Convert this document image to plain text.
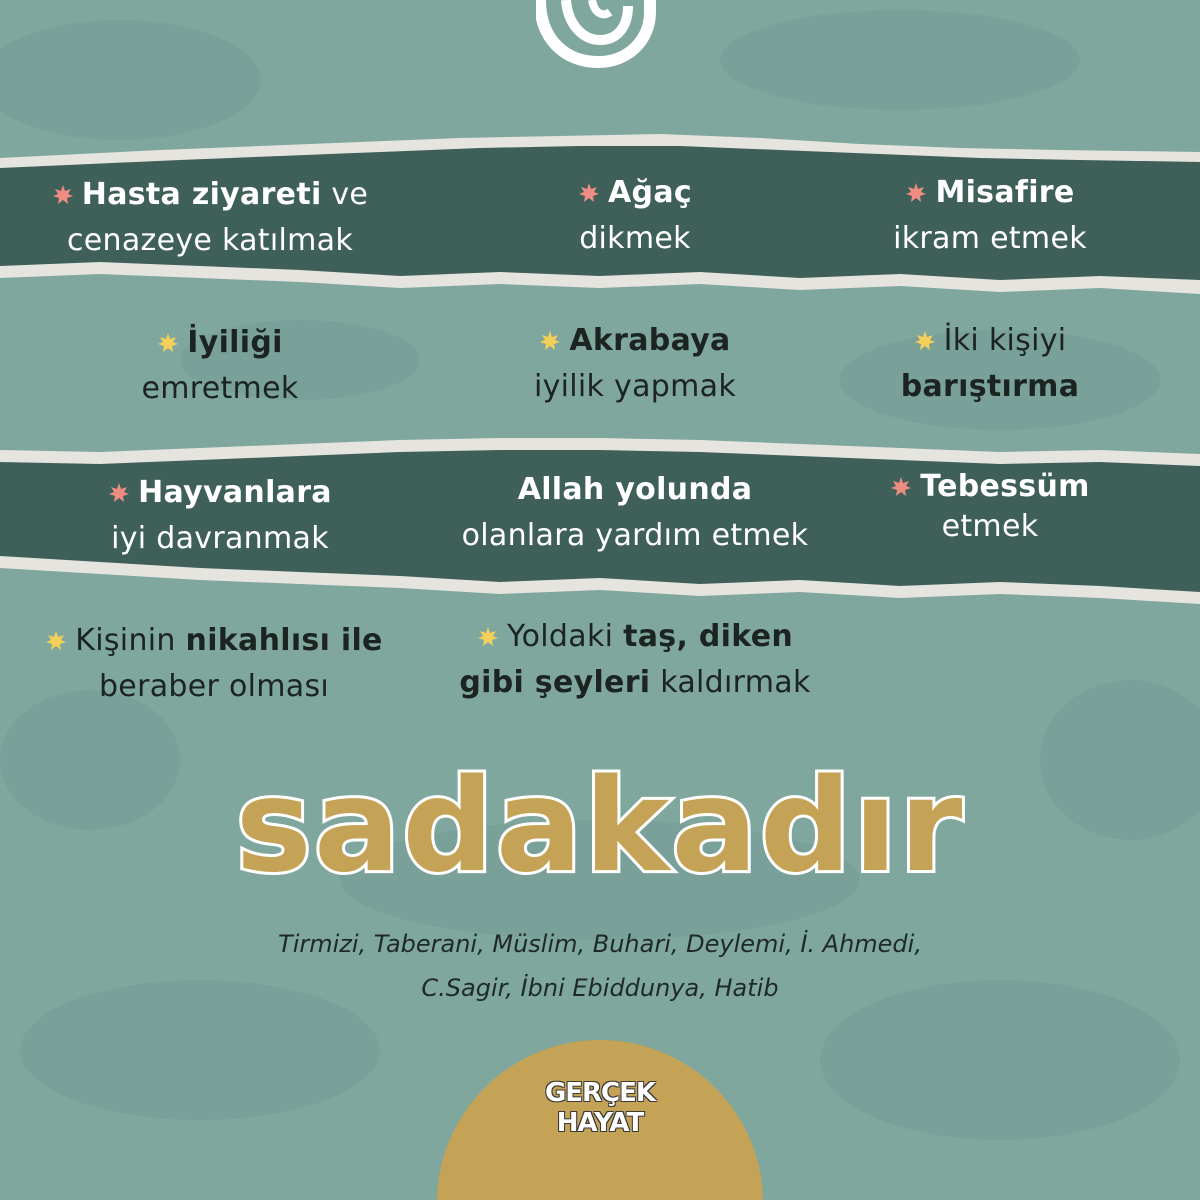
Hasta ziyareti ve
cenazeye katılmak
Ağaç
dikmek
Misafire
ikram etmek
İyiliği
emretmek
Akrabaya
iyilik yapmak
İki kişiyi
barıştırma
Hayvanlara
iyi davranmak
Allah yolunda
olanlara yardım etmek
Tebessüm
etmek
Kişinin nikahlısı ile
beraber olması
Yoldaki taş, diken
gibi şeyleri kaldırmak
sadakadır
Tirmizi, Taberani, Müslim, Buhari, Deylemi, İ. Ahmedi,
C.Sagir, İbni Ebiddunya, Hatib
GERÇEK
HAYAT
